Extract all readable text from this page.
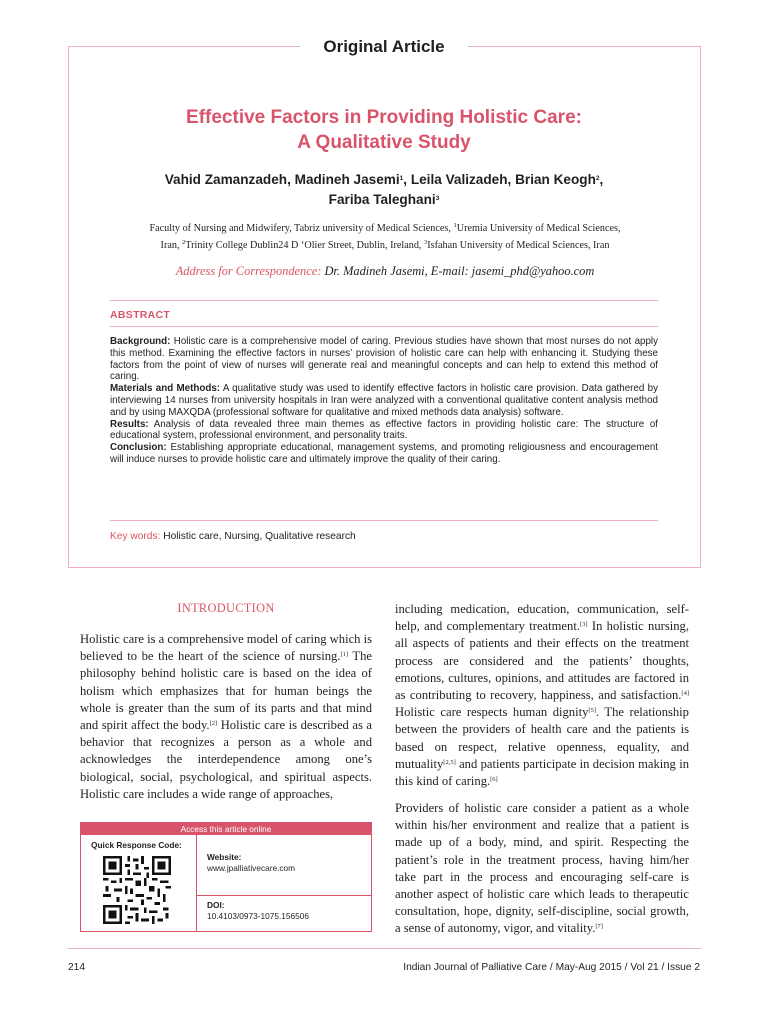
Original Article
Effective Factors in Providing Holistic Care:
A Qualitative Study
Vahid Zamanzadeh, Madineh Jasemi$^1$, Leila Valizadeh, Brian Keogh$^2$,
Fariba Taleghani$^3$
Faculty of Nursing and Midwifery, Tabriz university of Medical Sciences, $^1$Uremia University of Medical Sciences,
Iran, $^2$Trinity College Dublin24 D ‘Olier Street, Dublin, Ireland, $^3$Isfahan University of Medical Sciences, Iran
Address for Correspondence: Dr. Madineh Jasemi, E-mail: jasemi_phd@yahoo.com
ABSTRACT

Background: Holistic care is a comprehensive model of caring. Previous studies have shown that most nurses do not apply this method. Examining the effective factors in nurses’ provision of holistic care can help with enhancing it. Studying these factors from the point of view of nurses will generate real and meaningful concepts and can help to extend this method of caring.

Materials and Methods: A qualitative study was used to identify effective factors in holistic care provision. Data gathered by interviewing 14 nurses from university hospitals in Iran were analyzed with a conventional qualitative content analysis method and by using MAXQDA (professional software for qualitative and mixed methods data analysis) software.

Results: Analysis of data revealed three main themes as effective factors in providing holistic care: The structure of educational system, professional environment, and personality traits.

Conclusion: Establishing appropriate educational, management systems, and promoting religiousness and encouragement will induce nurses to provide holistic care and ultimately improve the quality of their caring.

Key words: Holistic care, Nursing, Qualitative research
INTRODUCTION

Holistic care is a comprehensive model of caring which is believed to be the heart of the science of nursing.[1] The philosophy behind holistic care is based on the idea of holism which emphasizes that for human beings the whole is greater than the sum of its parts and that mind and spirit affect the body.[2] Holistic care is described as a behavior that recognizes a person as a whole and acknowledges the interdependence among one’s biological, social, psychological, and spiritual aspects. Holistic care includes a wide range of approaches,

including medication, education, communication, self-help, and complementary treatment.[3] In holistic nursing, all aspects of patients and their effects on the treatment process are considered and the patients’ thoughts, emotions, cultures, opinions, and attitudes are factored in as contributing to recovery, happiness, and satisfaction.[4] Holistic care respects human dignity[5]. The relationship between the providers of health care and the patients is based on respect, relative openness, equality, and mutuality[2,5] and patients participate in decision making in this kind of caring.[6]

Providers of holistic care consider a patient as a whole within his/her environment and realize that a patient is made up of a body, mind, and spirit. Respecting the patient’s role in the treatment process, having him/her take part in the process and encouraging self-care is another aspect of holistic care which leads to therapeutic consultation, hope, dignity, self-discipline, social growth, a sense of autonomy, vigor, and vitality.[7]

Access this article online
Quick Response Code:
Website:
www.jpalliativecare.com
DOI:
10.4103/0973-1075.156506
214	Indian Journal of Palliative Care / May-Aug 2015 / Vol 21 / Issue 2
